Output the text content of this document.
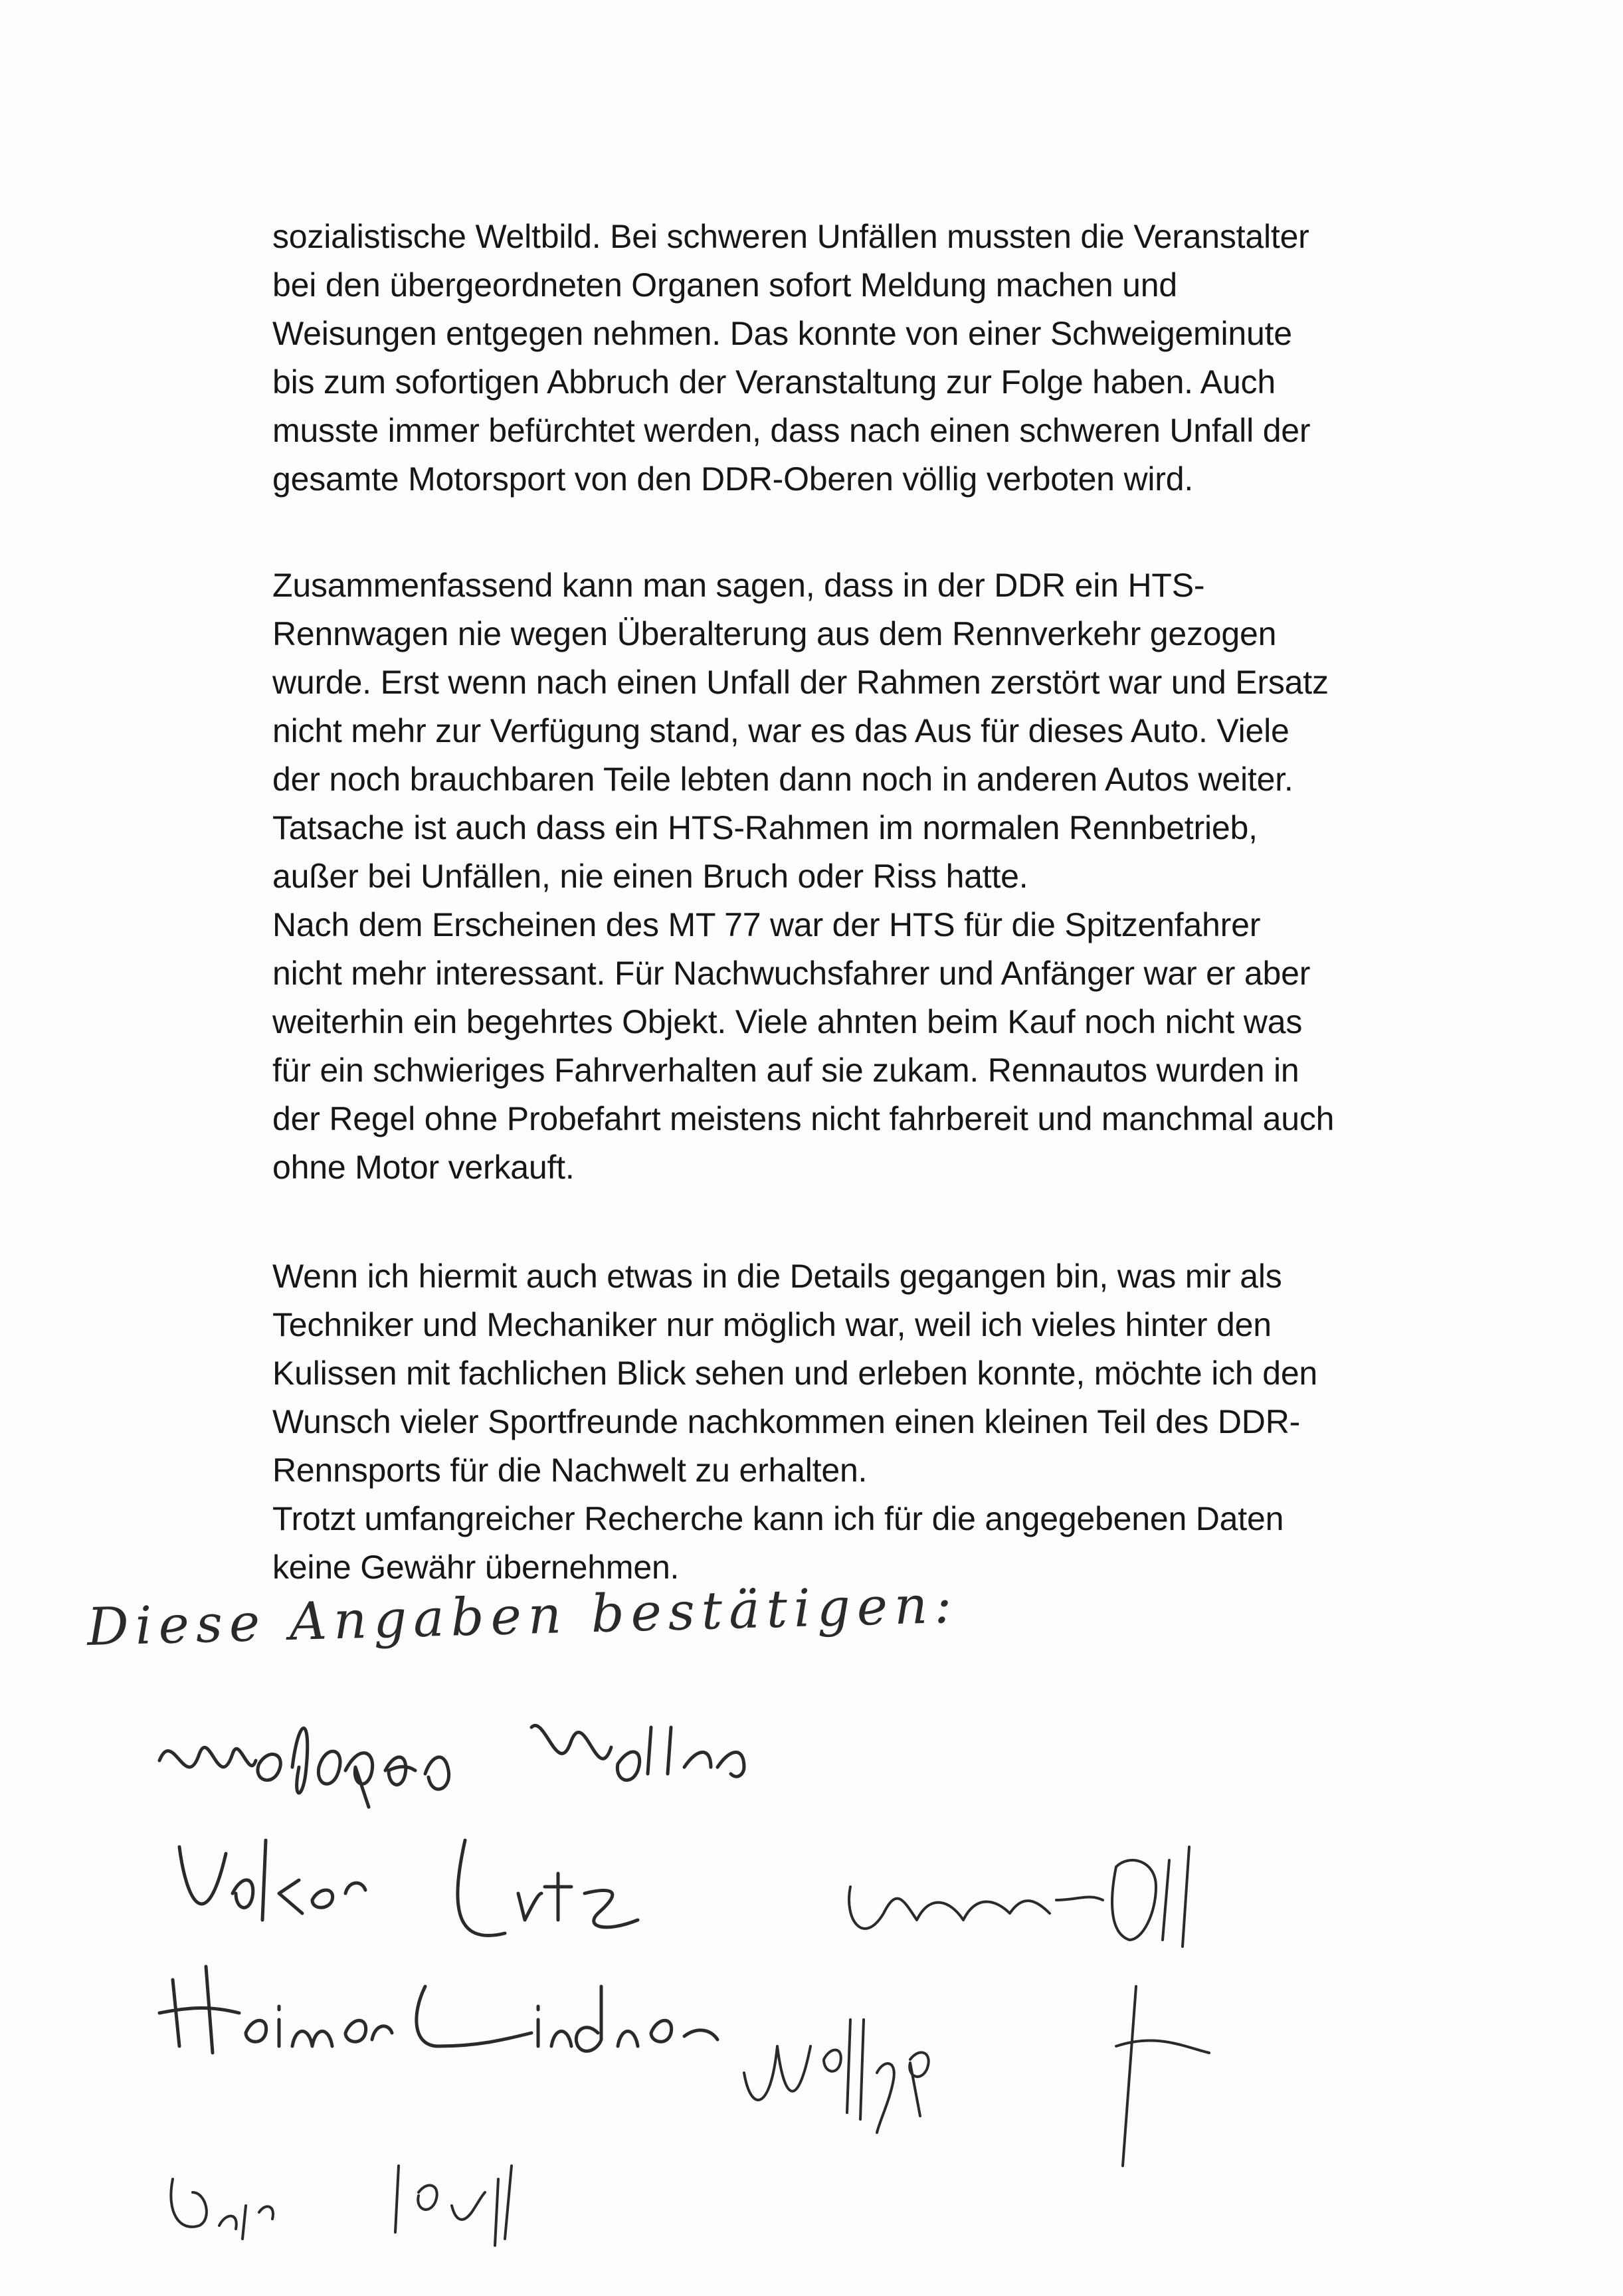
sozialistische Weltbild. Bei schweren Unfällen mussten die Veranstalter
bei den übergeordneten Organen sofort Meldung machen und
Weisungen entgegen nehmen. Das konnte von einer Schweigeminute
bis zum sofortigen Abbruch der Veranstaltung zur Folge haben. Auch
musste immer befürchtet werden, dass nach einen schweren Unfall der
gesamte Motorsport von den DDR-Oberen völlig verboten wird.
Zusammenfassend kann man sagen, dass in der DDR ein HTS-
Rennwagen nie wegen Überalterung aus dem Rennverkehr gezogen
wurde. Erst wenn nach einen Unfall der Rahmen zerstört war und Ersatz
nicht mehr zur Verfügung stand, war es das Aus für dieses Auto. Viele
der noch brauchbaren Teile lebten dann noch in anderen Autos weiter.
Tatsache ist auch dass ein HTS-Rahmen im normalen Rennbetrieb,
außer bei Unfällen, nie einen Bruch oder Riss hatte.
Nach dem Erscheinen des MT 77 war der HTS für die Spitzenfahrer
nicht mehr interessant. Für Nachwuchsfahrer und Anfänger war er aber
weiterhin ein begehrtes Objekt. Viele ahnten beim Kauf noch nicht was
für ein schwieriges Fahrverhalten auf sie zukam. Rennautos wurden in
der Regel ohne Probefahrt meistens nicht fahrbereit und manchmal auch
ohne Motor verkauft.
Wenn ich hiermit auch etwas in die Details gegangen bin, was mir als
Techniker und Mechaniker nur möglich war, weil ich vieles hinter den
Kulissen mit fachlichen Blick sehen und erleben konnte, möchte ich den
Wunsch vieler Sportfreunde nachkommen einen kleinen Teil des DDR-
Rennsports für die Nachwelt zu erhalten.
Trotzt umfangreicher Recherche kann ich für die angegebenen Daten
keine Gewähr übernehmen.
Diese Angaben bestätigen:
